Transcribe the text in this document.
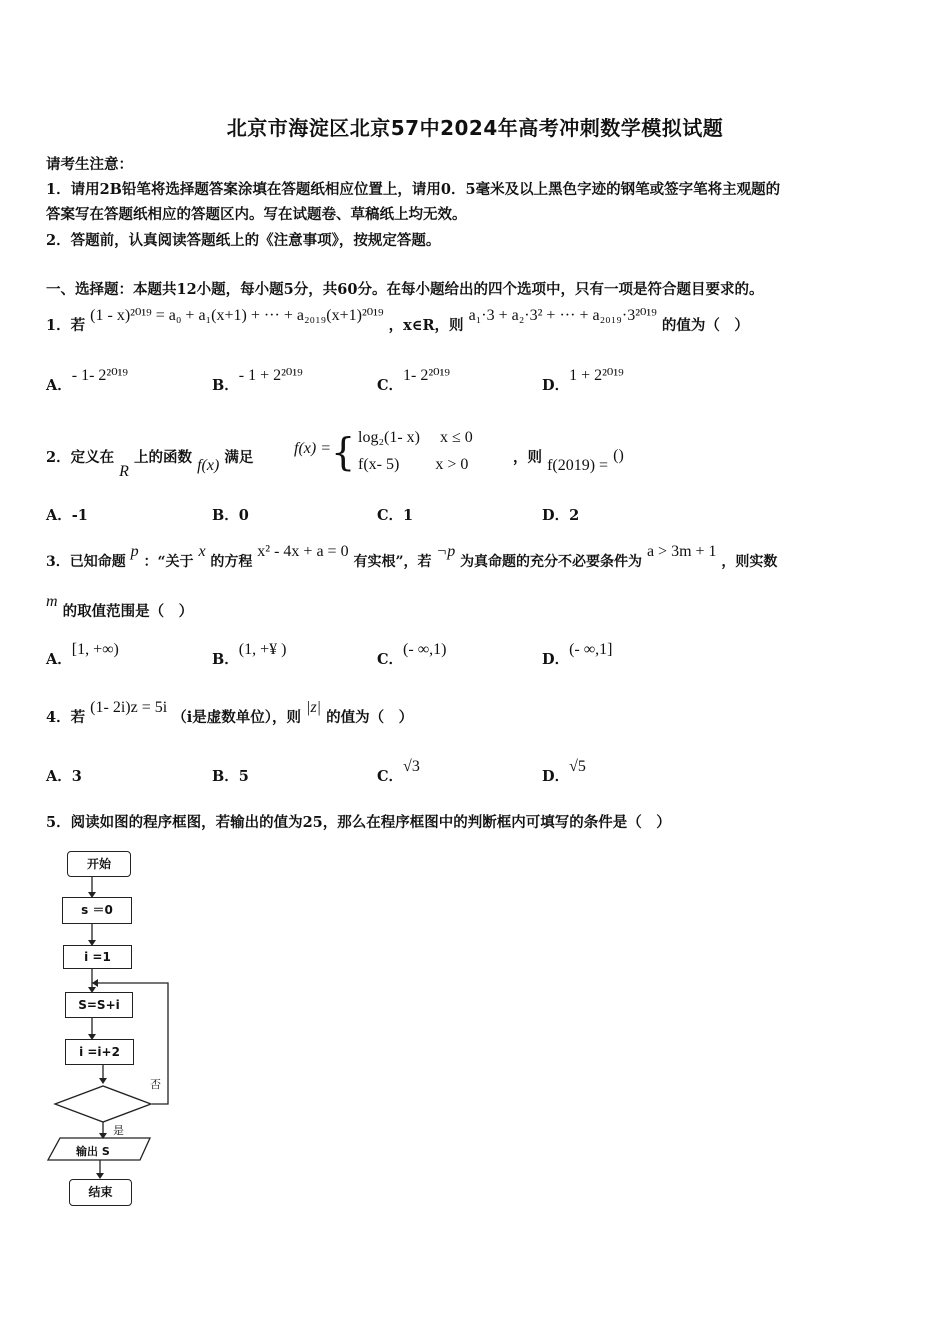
北京市海淀区北京57中2024年高考冲刺数学模拟试题
请考生注意：
1．请用2B铅笔将选择题答案涂填在答题纸相应位置上，请用0．5毫米及以上黑色字迹的钢笔或签字笔将主观题的
答案写在答题纸相应的答题区内。写在试题卷、草稿纸上均无效。
2．答题前，认真阅读答题纸上的《注意事项》，按规定答题。
一、选择题：本题共12小题，每小题5分，共60分。在每小题给出的四个选项中，只有一项是符合题目要求的。
1．若 (1 - x)²⁰¹⁹ = a₀ + a₁(x+1) + ··· + a₂₀₁₉(x+1)²⁰¹⁹ ，x∈R，则 a₁·3 + a₂·3² + ··· + a₂₀₁₉·3²⁰¹⁹ 的值为（　）
A．- 1- 2²⁰¹⁹
B．- 1 + 2²⁰¹⁹
C．1- 2²⁰¹⁹
D．1 + 2²⁰¹⁹
2．定义在 R 上的函数 f(x) 满足
f(x) ={ log₂(1- x)　 x ≤ 0
f(x- 5)　　 x > 0	，则 f(2019) = ()
A．-1	B．0	C．1	D．2
3．已知命题 p ：“关于 x 的方程 x² - 4x + a = 0 有实根”，若 ¬p 为真命题的充分不必要条件为 a > 3m + 1 ，则实数
m 的取值范围是（　）
A．[1, +∞)
B．(1, +¥ )
C．(- ∞,1)
D．(- ∞,1]
4．若 (1- 2i)z = 5i （i是虚数单位），则 |z| 的值为（　）
A．3	B．5	C．√3
D．√5
5．阅读如图的程序框图，若输出的值为25，那么在程序框图中的判断框内可填写的条件是（　）
开始
s ＝0
i =1
S=S+i
i =i+2
否
是
输出 S
结束
